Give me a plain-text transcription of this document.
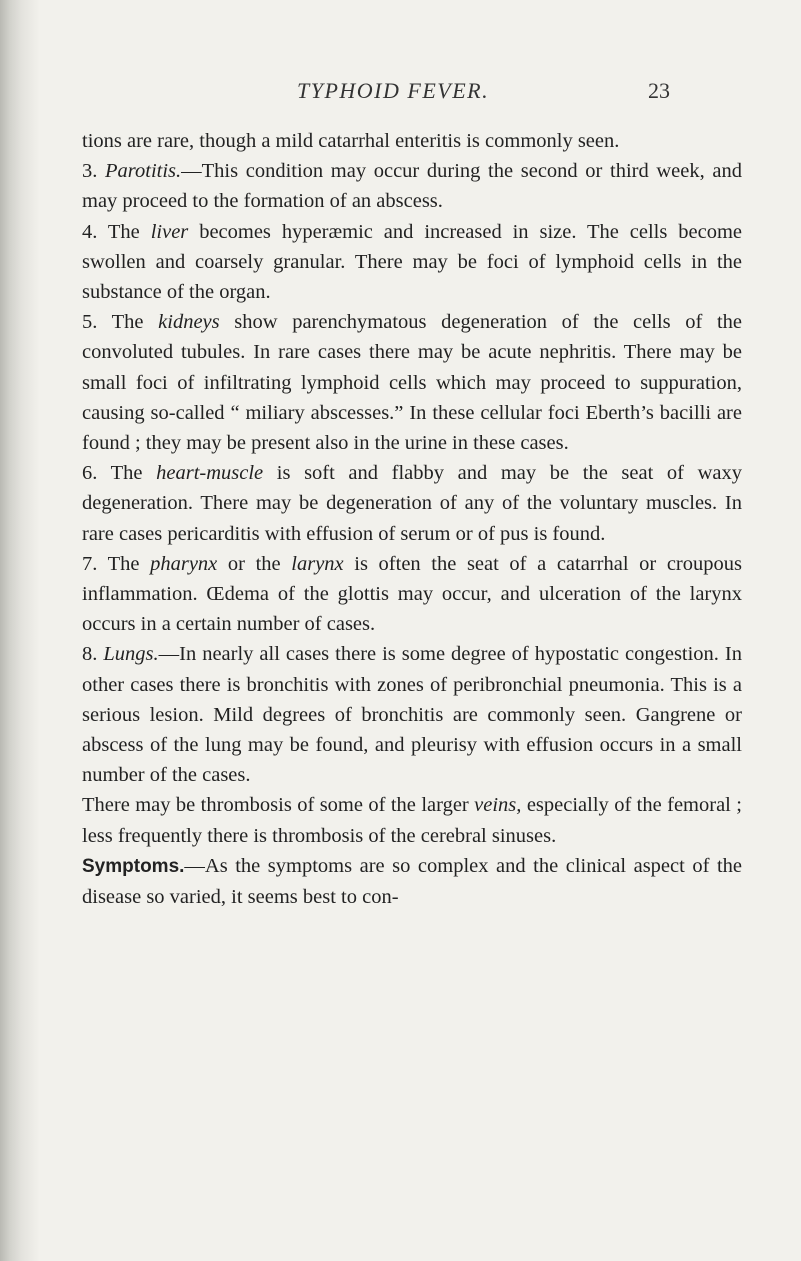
TYPHOID FEVER.	23

tions are rare, though a mild catarrhal enteritis is commonly seen.

3. Parotitis.—This condition may occur during the second or third week, and may proceed to the formation of an abscess.

4. The liver becomes hyperæmic and increased in size. The cells become swollen and coarsely granular. There may be foci of lymphoid cells in the substance of the organ.

5. The kidneys show parenchymatous degeneration of the cells of the convoluted tubules. In rare cases there may be acute nephritis. There may be small foci of infiltrating lymphoid cells which may proceed to suppuration, causing so-called “ miliary abscesses.” In these cellular foci Eberth’s bacilli are found ; they may be present also in the urine in these cases.

6. The heart-muscle is soft and flabby and may be the seat of waxy degeneration. There may be degeneration of any of the voluntary muscles. In rare cases pericarditis with effusion of serum or of pus is found.

7. The pharynx or the larynx is often the seat of a catarrhal or croupous inflammation. Œdema of the glottis may occur, and ulceration of the larynx occurs in a certain number of cases.

8. Lungs.—In nearly all cases there is some degree of hypostatic congestion. In other cases there is bronchitis with zones of peribronchial pneumonia. This is a serious lesion. Mild degrees of bronchitis are commonly seen. Gangrene or abscess of the lung may be found, and pleurisy with effusion occurs in a small number of the cases.

There may be thrombosis of some of the larger veins, especially of the femoral ; less frequently there is thrombosis of the cerebral sinuses.

Symptoms.—As the symptoms are so complex and the clinical aspect of the disease so varied, it seems best to con-
